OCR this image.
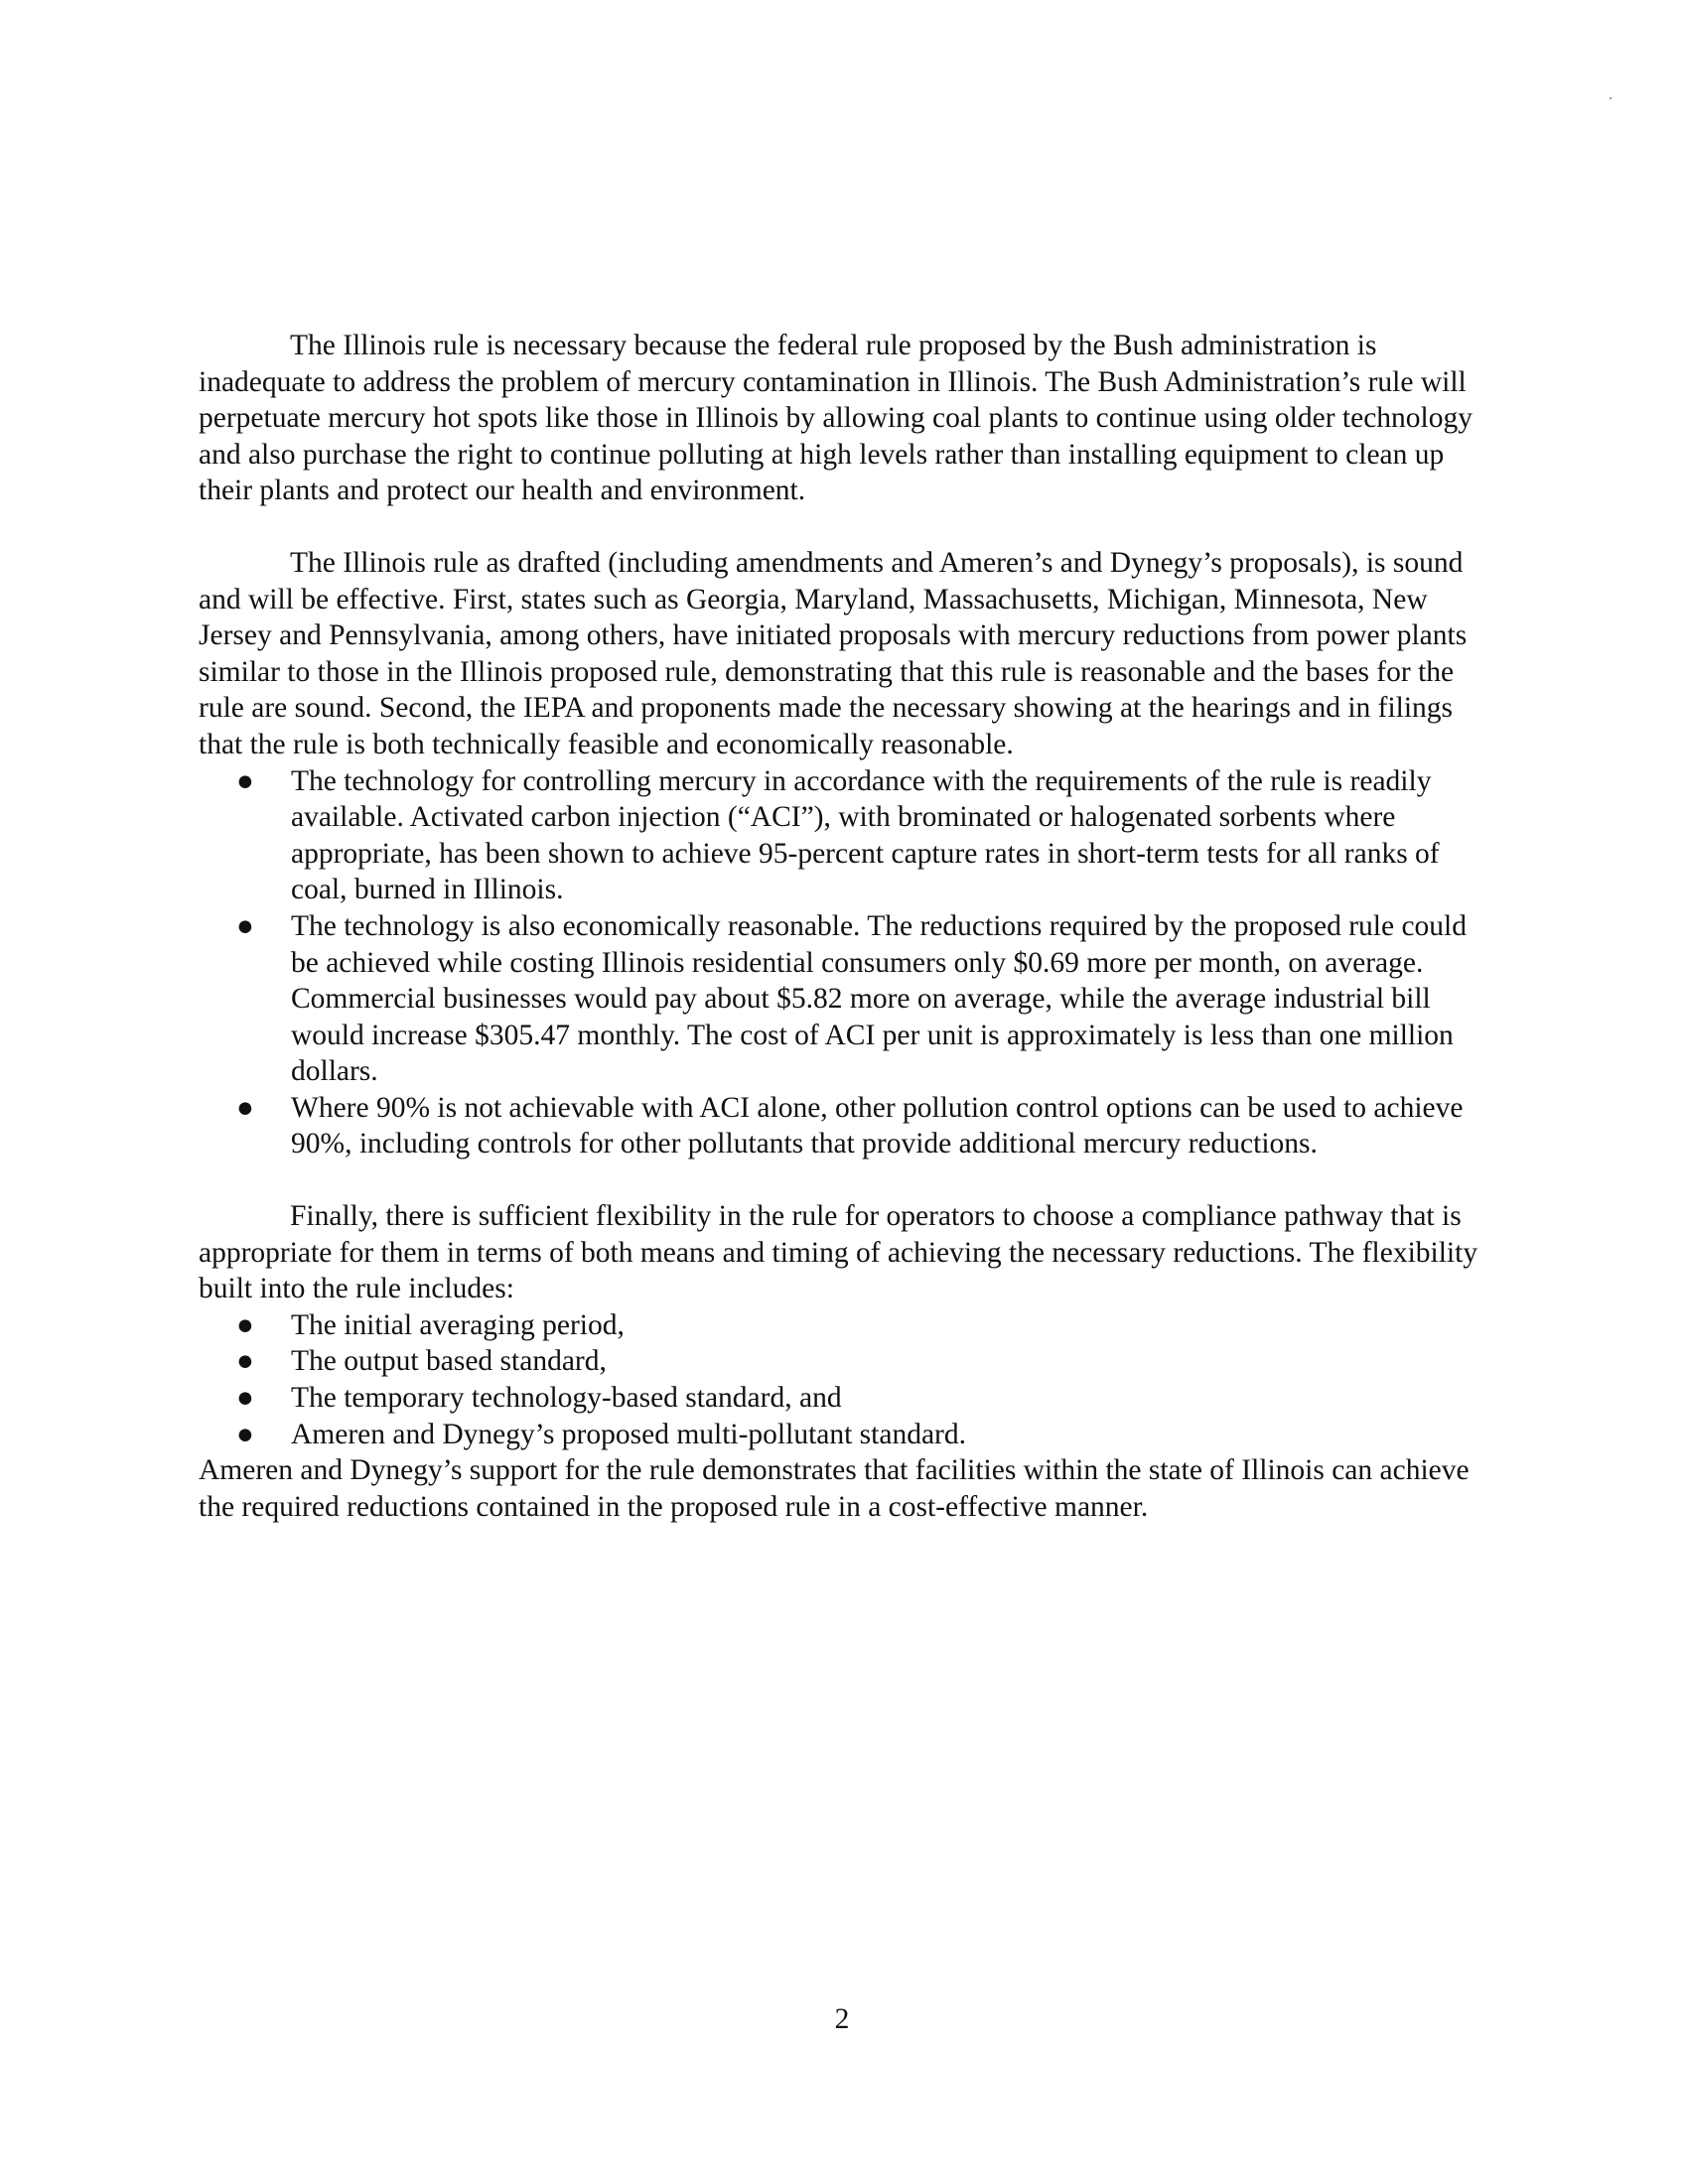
The Illinois rule is necessary because the federal rule proposed by the Bush administration is inadequate to address the problem of mercury contamination in Illinois. The Bush Administration’s rule will perpetuate mercury hot spots like those in Illinois by allowing coal plants to continue using older technology and also purchase the right to continue polluting at high levels rather than installing equipment to clean up their plants and protect our health and environment.

The Illinois rule as drafted (including amendments and Ameren’s and Dynegy’s proposals), is sound and will be effective. First, states such as Georgia, Maryland, Massachusetts, Michigan, Minnesota, New Jersey and Pennsylvania, among others, have initiated proposals with mercury reductions from power plants similar to those in the Illinois proposed rule, demonstrating that this rule is reasonable and the bases for the rule are sound. Second, the IEPA and proponents made the necessary showing at the hearings and in filings that the rule is both technically feasible and economically reasonable.

● The technology for controlling mercury in accordance with the requirements of the rule is readily available. Activated carbon injection (“ACI”), with brominated or halogenated sorbents where appropriate, has been shown to achieve 95-percent capture rates in short-term tests for all ranks of coal, burned in Illinois.
● The technology is also economically reasonable. The reductions required by the proposed rule could be achieved while costing Illinois residential consumers only $0.69 more per month, on average. Commercial businesses would pay about $5.82 more on average, while the average industrial bill would increase $305.47 monthly. The cost of ACI per unit is approximately is less than one million dollars.
● Where 90% is not achievable with ACI alone, other pollution control options can be used to achieve 90%, including controls for other pollutants that provide additional mercury reductions.

Finally, there is sufficient flexibility in the rule for operators to choose a compliance pathway that is appropriate for them in terms of both means and timing of achieving the necessary reductions. The flexibility built into the rule includes:

● The initial averaging period,
● The output based standard,
● The temporary technology-based standard, and
● Ameren and Dynegy’s proposed multi-pollutant standard.

Ameren and Dynegy’s support for the rule demonstrates that facilities within the state of Illinois can achieve the required reductions contained in the proposed rule in a cost-effective manner.

2
